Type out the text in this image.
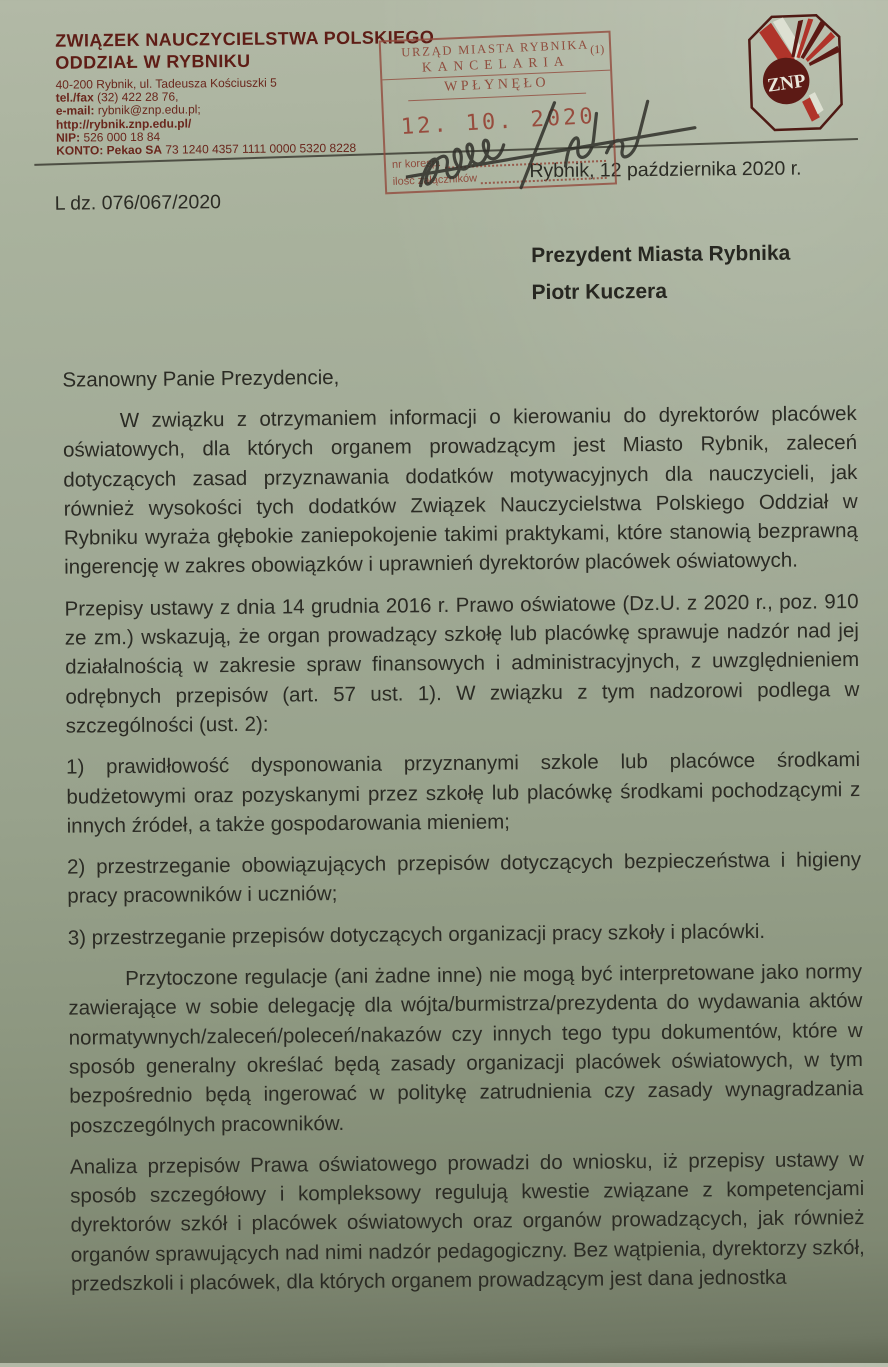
ZWIĄZEK NAUCZYCIELSTWA POLSKIEGO
ODDZIAŁ W RYBNIKU
40-200 Rybnik, ul. Tadeusza Kościuszki 5
tel./fax (32) 422 28 76,
e-mail: rybnik@znp.edu.pl;
http://rybnik.znp.edu.pl/
NIP: 526 000 18 84
KONTO: Pekao SA 73 1240 4357 1111 0000 5320 8228
ZNP
(1)
URZĄD MIASTA RYBNIKA
KANCELARIA
WPŁYNĘŁO
12. 10. 2020
nr koresp.
ilość załączników	Rybnik, 12 października 2020 r.
L dz. 076/067/2020
Prezydent Miasta Rybnika
Piotr Kuczera
Szanowny Panie Prezydencie,

W związku z otrzymaniem informacji o kierowaniu do dyrektorów placówek oświatowych, dla których organem prowadzącym jest Miasto Rybnik, zaleceń dotyczących zasad przyznawania dodatków motywacyjnych dla nauczycieli, jak również wysokości tych dodatków Związek Nauczycielstwa Polskiego Oddział w Rybniku wyraża głębokie zaniepokojenie takimi praktykami, które stanowią bezprawną ingerencję w zakres obowiązków i uprawnień dyrektorów placówek oświatowych.

Przepisy ustawy z dnia 14 grudnia 2016 r. Prawo oświatowe (Dz.U. z 2020 r., poz. 910 ze zm.) wskazują, że organ prowadzący szkołę lub placówkę sprawuje nadzór nad jej działalnością w zakresie spraw finansowych i administracyjnych, z uwzględnieniem odrębnych przepisów (art. 57 ust. 1). W związku z tym nadzorowi podlega w szczególności (ust. 2):

1) prawidłowość dysponowania przyznanymi szkole lub placówce środkami budżetowymi oraz pozyskanymi przez szkołę lub placówkę środkami pochodzącymi z innych źródeł, a także gospodarowania mieniem;

2) przestrzeganie obowiązujących przepisów dotyczących bezpieczeństwa i higieny pracy pracowników i uczniów;

3) przestrzeganie przepisów dotyczących organizacji pracy szkoły i placówki.

Przytoczone regulacje (ani żadne inne) nie mogą być interpretowane jako normy zawierające w sobie delegację dla wójta/burmistrza/prezydenta do wydawania aktów normatywnych/zaleceń/poleceń/nakazów czy innych tego typu dokumentów, które w sposób generalny określać będą zasady organizacji placówek oświatowych, w tym bezpośrednio będą ingerować w politykę zatrudnienia czy zasady wynagradzania poszczególnych pracowników.

Analiza przepisów Prawa oświatowego prowadzi do wniosku, iż przepisy ustawy w sposób szczegółowy i kompleksowy regulują kwestie związane z kompetencjami dyrektorów szkół i placówek oświatowych oraz organów prowadzących, jak również organów sprawujących nad nimi nadzór pedagogiczny. Bez wątpienia, dyrektorzy szkół, przedszkoli i placówek, dla których organem prowadzącym jest dana jednostka
